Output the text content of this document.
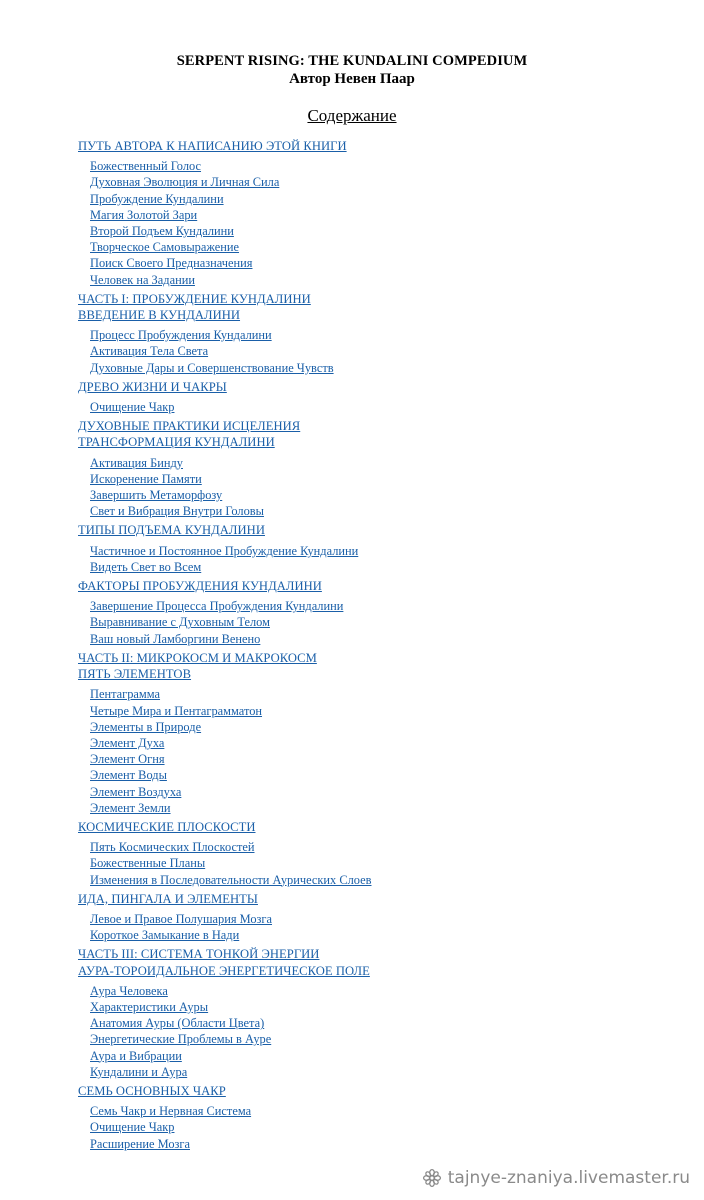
SERPENT RISING: THE KUNDALINI COMPEDIUM
Автор Невен Паар
Содержание
ПУТЬ АВТОРА К НАПИСАНИЮ ЭТОЙ КНИГИ
Божественный Голос
Духовная Эволюция и Личная Сила
Пробуждение Кундалини
Магия Золотой Зари
Второй Подъем Кундалини
Творческое Самовыражение
Поиск Своего Предназначения
Человек на Задании
ЧАСТЬ I: ПРОБУЖДЕНИЕ КУНДАЛИНИ
ВВЕДЕНИЕ В КУНДАЛИНИ
Процесс Пробуждения Кундалини
Активация Тела Света
Духовные Дары и Совершенствование Чувств
ДРЕВО ЖИЗНИ И ЧАКРЫ
Очищение Чакр
ДУХОВНЫЕ ПРАКТИКИ ИСЦЕЛЕНИЯ
ТРАНСФОРМАЦИЯ КУНДАЛИНИ
Активация Бинду
Искоренение Памяти
Завершить Метаморфозу
Свет и Вибрация Внутри Головы
ТИПЫ ПОДЪЕМА КУНДАЛИНИ
Частичное и Постоянное Пробуждение Кундалини
Видеть Свет во Всем
ФАКТОРЫ ПРОБУЖДЕНИЯ КУНДАЛИНИ
Завершение Процесса Пробуждения Кундалини
Выравнивание с Духовным Телом
Ваш новый Ламборгини Венено
ЧАСТЬ II: МИКРОКОСМ И МАКРОКОСМ
ПЯТЬ ЭЛЕМЕНТОВ
Пентаграмма
Четыре Мира и Пентаграмматон
Элементы в Природе
Элемент Духа
Элемент Огня
Элемент Воды
Элемент Воздуха
Элемент Земли
КОСМИЧЕСКИЕ ПЛОСКОСТИ
Пять Космических Плоскостей
Божественные Планы
Изменения в Последовательности Аурических Слоев
ИДА, ПИНГАЛА И ЭЛЕМЕНТЫ
Левое и Правое Полушария Мозга
Короткое Замыкание в Нади
ЧАСТЬ III: СИСТЕМА ТОНКОЙ ЭНЕРГИИ
АУРА-ТОРОИДАЛЬНОЕ ЭНЕРГЕТИЧЕСКОЕ ПОЛЕ
Аура Человека
Характеристики Ауры
Анатомия Ауры (Области Цвета)
Энергетические Проблемы в Ауре
Аура и Вибрации
Кундалини и Аура
СЕМЬ ОСНОВНЫХ ЧАКР
Семь Чакр и Нервная Система
Очищение Чакр
Расширение Мозга
tajnye-znaniya.livemaster.ru
